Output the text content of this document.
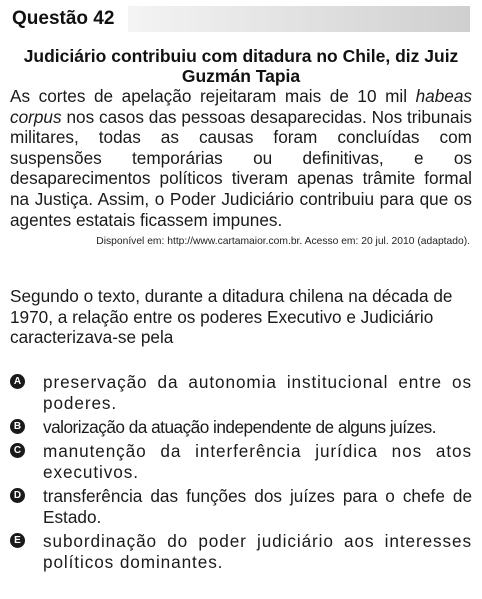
Questão 42
Judiciário contribuiu com ditadura no Chile, diz Juiz
Guzmán Tapia
As cortes de apelação rejeitaram mais de 10 mil habeas corpus nos casos das pessoas desaparecidas. Nos tribunais militares, todas as causas foram concluídas com suspensões temporárias ou definitivas, e os desaparecimentos políticos tiveram apenas trâmite formal na Justiça. Assim, o Poder Judiciário contribuiu para que os agentes estatais ficassem impunes.
Disponível em: http://www.cartamaior.com.br. Acesso em: 20 jul. 2010 (adaptado).
Segundo o texto, durante a ditadura chilena na década de 1970, a relação entre os poderes Executivo e Judiciário caracterizava-se pela
A preservação da autonomia institucional entre os poderes.
B valorização da atuação independente de alguns juízes.
C manutenção da interferência jurídica nos atos executivos.
D transferência das funções dos juízes para o chefe de Estado.
E subordinação do poder judiciário aos interesses políticos dominantes.
